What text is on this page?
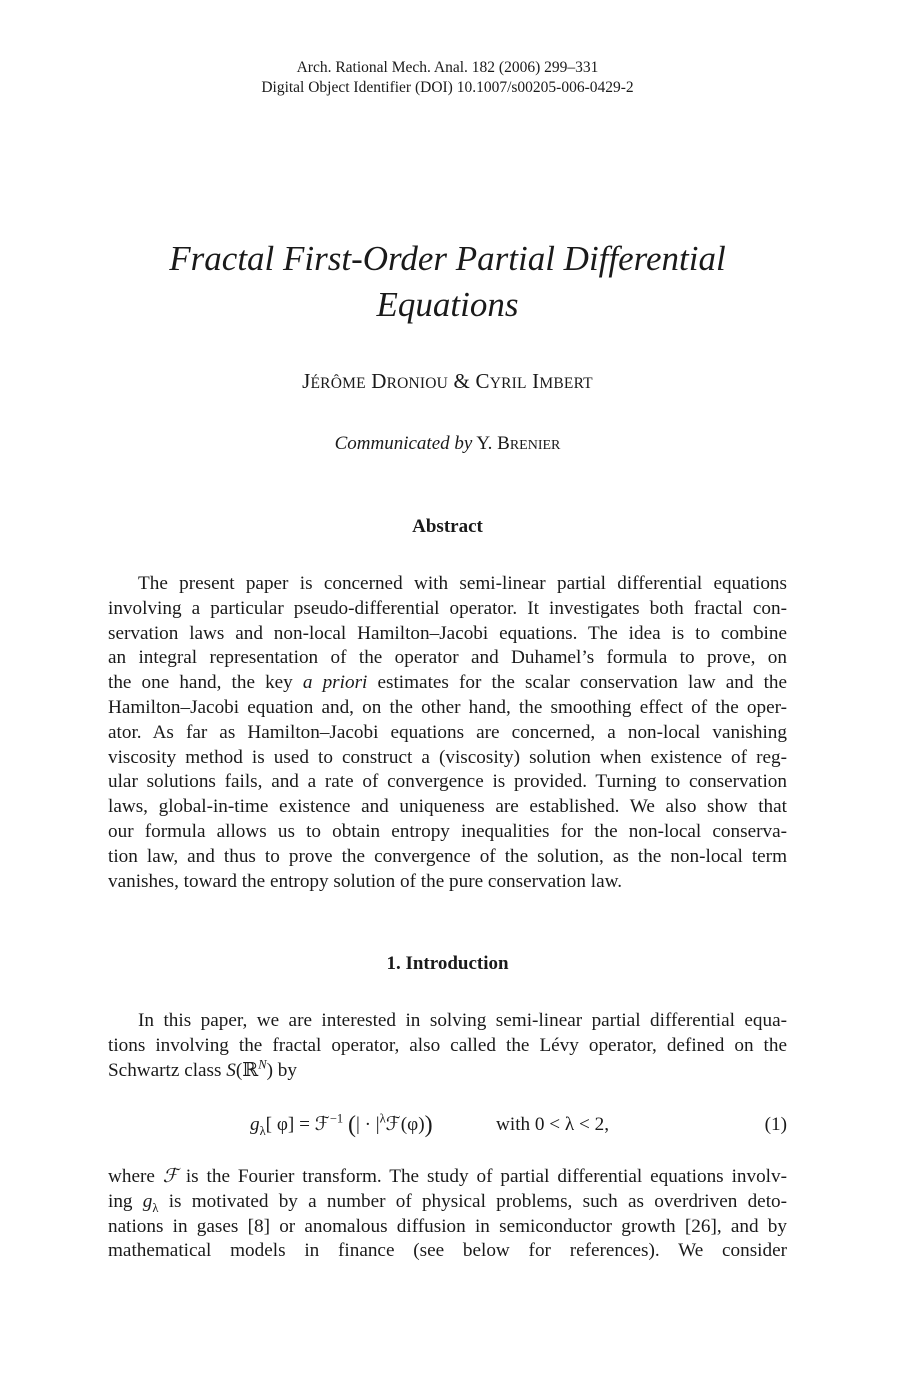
Arch. Rational Mech. Anal. 182 (2006) 299–331
Digital Object Identifier (DOI) 10.1007/s00205-006-0429-2
Fractal First-Order Partial Differential
Equations
JÉRÔME DRONIOU & CYRIL IMBERT
Communicated by Y. BRENIER
Abstract
The present paper is concerned with semi-linear partial differential equations
involving a particular pseudo-differential operator. It investigates both fractal con-
servation laws and non-local Hamilton–Jacobi equations. The idea is to combine
an integral representation of the operator and Duhamel’s formula to prove, on
the one hand, the key a priori estimates for the scalar conservation law and the
Hamilton–Jacobi equation and, on the other hand, the smoothing effect of the oper-
ator. As far as Hamilton–Jacobi equations are concerned, a non-local vanishing
viscosity method is used to construct a (viscosity) solution when existence of reg-
ular solutions fails, and a rate of convergence is provided. Turning to conservation
laws, global-in-time existence and uniqueness are established. We also show that
our formula allows us to obtain entropy inequalities for the non-local conserva-
tion law, and thus to prove the convergence of the solution, as the non-local term
vanishes, toward the entropy solution of the pure conservation law.
1. Introduction
In this paper, we are interested in solving semi-linear partial differential equa-
tions involving the fractal operator, also called the Lévy operator, defined on the
Schwartz class S(ℝ$^N$) by
$g_\lambda$[ φ] = ℱ$^{-1}$ (| · $|^\lambda ℱ(\varphi)$)	with 0 < λ < 2,	(1)
where ℱ is the Fourier transform. The study of partial differential equations involv-
ing $g_\lambda$ is motivated by a number of physical problems, such as overdriven deto-
nations in gases [8] or anomalous diffusion in semiconductor growth [26], and by
mathematical models in finance (see below for references). We consider
